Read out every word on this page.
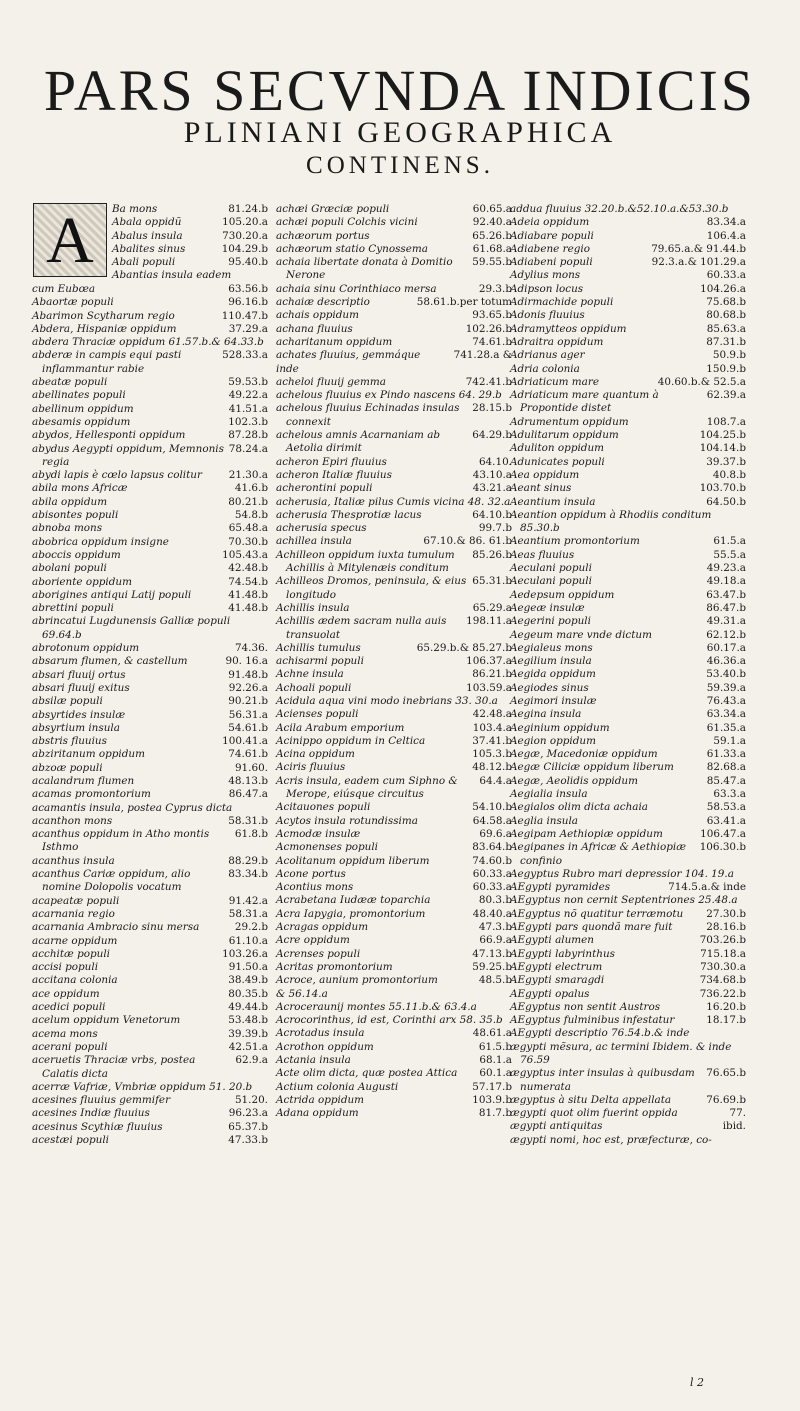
PARS SECVNDA INDICIS
PLINIANI GEOGRAPHICA
CONTINENS.
A	81.24.b
Ba mons
105.20.a
Abala oppidũ
730.20.a
Abalus insula
104.29.b
Abalites sinus
95.40.b
Abali populi
Abantias insula eadem
63.56.b
cum Eubœa
96.16.b
Abaortæ populi
110.47.b
Abarimon Scytharum regio
37.29.a
Abdera, Hispaniæ oppidum
abdera Thraciæ oppidum 61.57.b.& 64.33.b
528.33.a
abderæ in campis equi pasti inflammantur rabie
59.53.b
abeatæ populi
49.22.a
abellinates populi
41.51.a
abellinum oppidum
102.3.b
abesamis oppidum
87.28.b
abydos, Hellesponti oppidum
78.24.a
abydus Aegypti oppidum, Memnonis regia
21.30.a
abydi lapis è cœlo lapsus colitur
41.6.b
abila mons Africæ
80.21.b
abila oppidum
54.8.b
abisontes populi
65.48.a
abnoba mons
70.30.b
abobrica oppidum insigne
105.43.a
aboccis oppidum
42.48.b
abolani populi
74.54.b
aboriente oppidum
41.48.b
aborigines antiqui Latij populi
41.48.b
abrettini populi
abrincatui Lugdunensis Galliæ populi 69.64.b
74.36.
abrotonum oppidum
90. 16.a
absarum flumen, & castellum
91.48.b
absari fluuij ortus
92.26.a
absari fluuij exitus
90.21.b
absilæ populi
56.31.a
absyrtides insulæ
54.61.b
absyrtium insula
100.41.a
abstris fluuius
74.61.b
abziritanum oppidum
91.60.
abzoæ populi
48.13.b
acalandrum flumen
86.47.a
acamas promontorium
acamantis insula, postea Cyprus dicta
58.31.b
acanthon mons
61.8.b
acanthus oppidum in Atho montis Isthmo
88.29.b
acanthus insula
83.34.b
acanthus Cariæ oppidum, alio nomine Dolopolis vocatum
91.42.a
acapeatæ populi
58.31.a
acarnania regio
29.2.b
acarnania Ambracio sinu mersa
61.10.a
acarne oppidum
103.26.a
acchitæ populi
91.50.a
accisi populi
38.49.b
accitana colonia
80.35.b
ace oppidum
49.44.b
acedici populi
53.48.b
acelum oppidum Venetorum
39.39.b
acema mons
42.51.a
acerani populi
62.9.a
aceruetis Thraciæ vrbs, postea Calatis dicta
acerræ Vafriæ, Vmbriæ oppidum 51. 20.b
51.20.
acesines fluuius gemmifer
96.23.a
acesines Indiæ fluuius
65.37.b
acesinus Scythiæ fluuius
47.33.b
acestæi populi
60.65.a
achæi Græciæ populi
92.40.a
achæi populi Colchis vicini
65.26.b
achæorum portus
61.68.a
achæorum statio Cynossema
59.55.b
achaia libertate donata à Domitio Nerone
29.3.b
achaia sinu Corinthiaco mersa
58.61.b.per totum
achaiæ descriptio
93.65.b
achais oppidum
102.26.b
achana fluuius
74.61.b
acharitanum oppidum
741.28.a &
achates fluuius, gemmáque
inde
742.41.b
acheloi fluuij gemma
achelous fluuius ex Pindo nascens 64. 29.b
28.15.b
achelous fluuius Echinadas insulas connexit
64.29.b
achelous amnis Acarnaniam ab Aetolia dirimit
64.10.
acheron Epiri fluuius
43.10.a
acheron Italiæ fluuius
43.21.a
acherontini populi
acherusia, Italiæ pilus Cumis vicina 48. 32.a
64.10.b
acherusia Thesprotiæ lacus
99.7.b
acherusia specus
67.10.& 86. 61.b
achillea insula
85.26.b
Achilleon oppidum iuxta tumulum Achillis à Mitylenæis conditum
65.31.b
Achilleos Dromos, peninsula, & eius longitudo
65.29.a
Achillis insula
198.11.a
Achillis ædem sacram nulla auis transuolat
65.29.b.& 85.27.b
Achillis tumulus
106.37.a
achisarmi populi
86.21.b
Achne insula
103.59.a
Achoali populi
Acidula aqua vini modo inebrians 33. 30.a
42.48.a
Acienses populi
103.4.a
Acila Arabum emporium
37.41.b
Acinippo oppidum in Celtica
105.3.b
Acina oppidum
48.12.b
Aciris fluuius
64.4.a
Acris insula, eadem cum Siphno & Merope, eiúsque circuitus
54.10.b
Acitauones populi
64.58.a
Acytos insula rotundissima
69.6.a
Acmodæ insulæ
83.64.b
Acmonenses populi
74.60.b
Acolitanum oppidum liberum
60.33.a
Acone portus
60.33.a
Acontius mons
80.3.b
Acrabetana Iudææ toparchia
48.40.a
Acra Iapygia, promontorium
47.3.b
Acragas oppidum
66.9.a
Acre oppidum
47.13.b
Acrenses populi
59.25.b
Acritas promontorium
48.5.b
Acroce, aunium promontorium
& 56.14.a
Acroceraunij montes 55.11.b.& 63.4.a
Acrocorinthus, id est, Corinthi arx 58. 35.b
48.61.a
Acrotadus insula
61.5.b
Acrothon oppidum
68.1.a
Actania insula
60.1.a
Acte olim dicta, quæ postea Attica
57.17.b
Actium colonia Augusti
103.9.b
Actrida oppidum
81.7.b
Adana oppidum
addua fluuius 32.20.b.&52.10.a.&53.30.b
83.34.a
Adeia oppidum
106.4.a
Adiabare populi
79.65.a.& 91.44.b
Adiabene regio
92.3.a.& 101.29.a
Adiabeni populi
60.33.a
Adylius mons
104.26.a
Adipson locus
75.68.b
Adirmachide populi
80.68.b
Adonis fluuius
85.63.a
Adramytteos oppidum
87.31.b
Adraitra oppidum
50.9.b
Adrianus ager
150.9.b
Adria colonia
40.60.b.& 52.5.a
Adriaticum mare
62.39.a
Adriaticum mare quantum à Propontide distet
108.7.a
Adrumentum oppidum
104.25.b
Adulitarum oppidum
104.14.b
Aduliton oppidum
39.37.b
Adunicates populi
40.8.b
Aea oppidum
103.70.b
Aeant sinus
64.50.b
Aeantium insula
Aeantion oppidum à Rhodiis conditum 85.30.b
61.5.a
Aeantium promontorium
55.5.a
Aeas fluuius
49.23.a
Aeculani populi
49.18.a
Aeculani populi
63.47.b
Aedepsum oppidum
86.47.b
Aegeæ insulæ
49.31.a
Aegerini populi
62.12.b
Aegeum mare vnde dictum
60.17.a
Aegialeus mons
46.36.a
Aegilium insula
53.40.b
Aegida oppidum
59.39.a
Aegiodes sinus
76.43.a
Aegimori insulæ
63.34.a
Aegina insula
61.35.a
Aeginium oppidum
59.1.a
Aegion oppidum
61.33.a
Aegæ, Macedoniæ oppidum
82.68.a
Aegæ Ciliciæ oppidum liberum
85.47.a
Aegæ, Aeolidis oppidum
63.3.a
Aegialia insula
58.53.a
Aegialos olim dicta achaia
63.41.a
Aeglia insula
106.47.a
Aegipam Aethiopiæ oppidum
106.30.b
Aegipanes in Africæ & Aethiopiæ confinio
Aegyptus Rubro mari depressior 104. 19.a
714.5.a.& inde
AEgypti pyramides
AEgyptus non cernit Septentriones 25.48.a
27.30.b
AEgyptus nõ quatitur terræmotu
28.16.b
AEgypti pars quondã mare fuit
703.26.b
AEgypti alumen
715.18.a
AEgypti labyrinthus
730.30.a
AEgypti electrum
734.68.b
AEgypti smaragdi
736.22.b
AEgypti opalus
16.20.b
AEgyptus non sentit Austros
18.17.b
AEgyptus fulminibus infestatur
AEgypti descriptio 76.54.b.& inde
ægypti mẽsura, ac termini Ibidem. & inde 76.59
76.65.b
ægyptus inter insulas à quibusdam numerata
76.69.b
ægyptus à situ Delta appellata
77.
ægypti quot olim fuerint oppida
ibid.
ægypti antiquitas
ægypti nomi, hoc est, præfecturæ, co-
l 2
